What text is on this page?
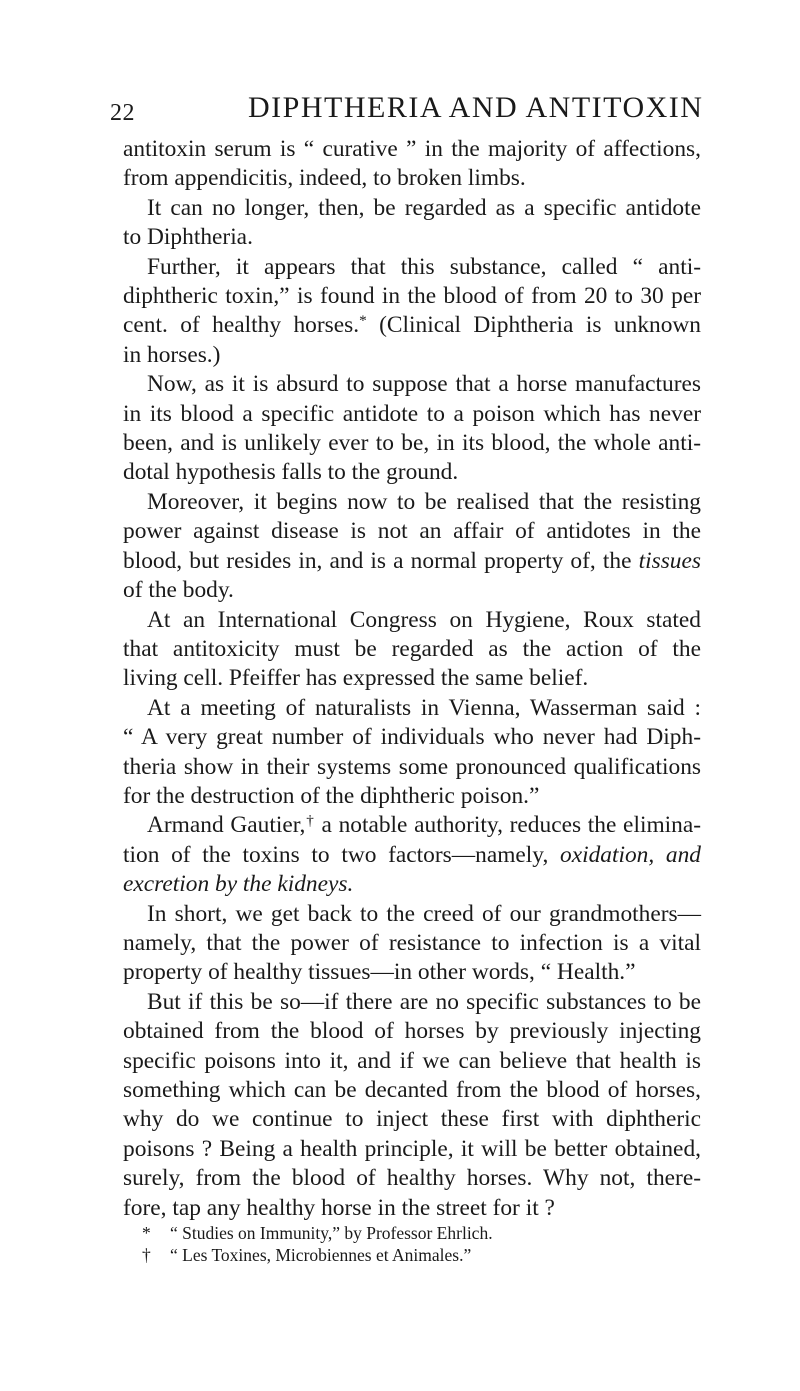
22	DIPHTHERIA AND ANTITOXIN
antitoxin serum is “ curative ” in the majority of affections,
from appendicitis, indeed, to broken limbs.
It can no longer, then, be regarded as a specific antidote
to Diphtheria.
Further, it appears that this substance, called “ anti-
diphtheric toxin,” is found in the blood of from 20 to 30 per
cent. of healthy horses.* (Clinical Diphtheria is unknown
in horses.)
Now, as it is absurd to suppose that a horse manufactures
in its blood a specific antidote to a poison which has never
been, and is unlikely ever to be, in its blood, the whole anti-
dotal hypothesis falls to the ground.
Moreover, it begins now to be realised that the resisting
power against disease is not an affair of antidotes in the
blood, but resides in, and is a normal property of, the tissues
of the body.
At an International Congress on Hygiene, Roux stated
that antitoxicity must be regarded as the action of the
living cell. Pfeiffer has expressed the same belief.
At a meeting of naturalists in Vienna, Wasserman said :
“ A very great number of individuals who never had Diph-
theria show in their systems some pronounced qualifications
for the destruction of the diphtheric poison.”
Armand Gautier,† a notable authority, reduces the elimina-
tion of the toxins to two factors—namely, oxidation, and
excretion by the kidneys.
In short, we get back to the creed of our grandmothers—
namely, that the power of resistance to infection is a vital
property of healthy tissues—in other words, “ Health.”
But if this be so—if there are no specific substances to be
obtained from the blood of horses by previously injecting
specific poisons into it, and if we can believe that health is
something which can be decanted from the blood of horses,
why do we continue to inject these first with diphtheric
poisons ? Being a health principle, it will be better obtained,
surely, from the blood of healthy horses. Why not, there-
fore, tap any healthy horse in the street for it ?
* “ Studies on Immunity,” by Professor Ehrlich.
† “ Les Toxines, Microbiennes et Animales.”
